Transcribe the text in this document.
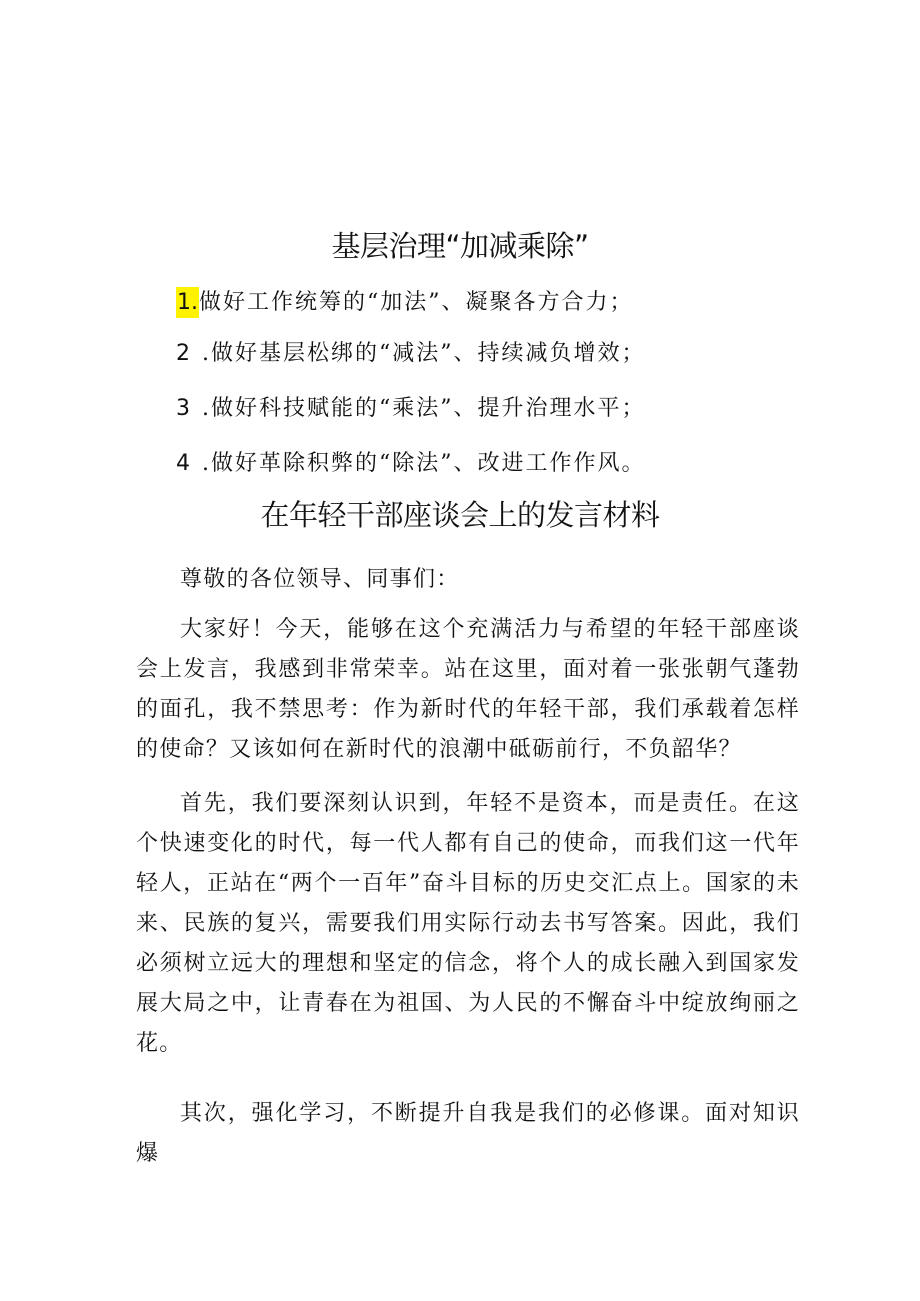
基层治理“加减乘除”
1. 做好工作统筹的“加法”、凝聚各方合力；
2 . 做好基层松绑的“减法”、持续减负增效；
3 . 做好科技赋能的“乘法”、提升治理水平；
4 . 做好革除积弊的“除法”、改进工作作风。
在年轻干部座谈会上的发言材料

尊敬的各位领导、同事们：

大家好！今天，能够在这个充满活力与希望的年轻干部座谈会上发言，我感到非常荣幸。站在这里，面对着一张张朝气蓬勃的面孔，我不禁思考：作为新时代的年轻干部，我们承载着怎样的使命？又该如何在新时代的浪潮中砥砺前行，不负韶华？

首先，我们要深刻认识到，年轻不是资本，而是责任。在这个快速变化的时代，每一代人都有自己的使命，而我们这一代年轻人，正站在“两个一百年”奋斗目标的历史交汇点上。国家的未来、民族的复兴，需要我们用实际行动去书写答案。因此，我们必须树立远大的理想和坚定的信念，将个人的成长融入到国家发展大局之中，让青春在为祖国、为人民的不懈奋斗中绽放绚丽之花。

其次，强化学习，不断提升自我是我们的必修课。面对知识爆
